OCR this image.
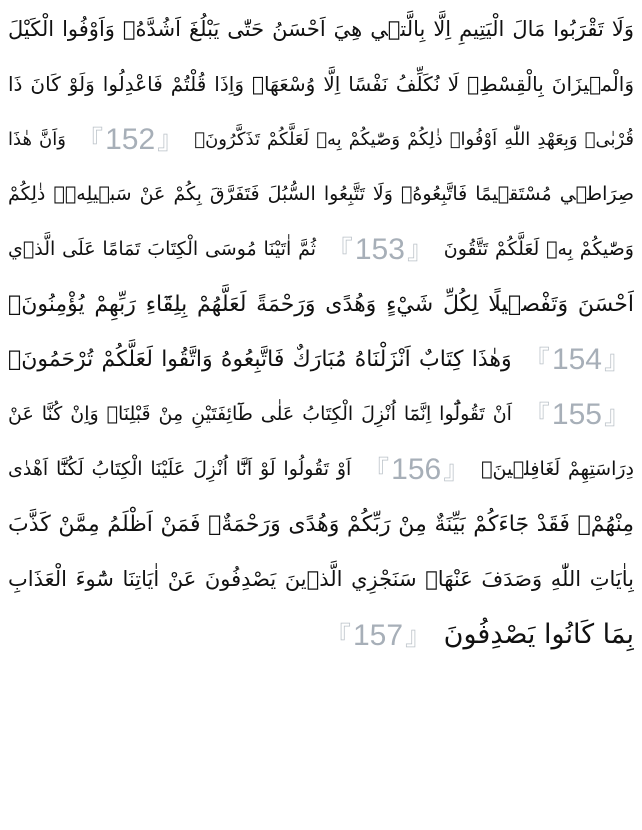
وَلَا تَقْرَبُوا مَالَ الْيَتِيمِ اِلَّا بِالَّت۪ي هِيَ اَحْسَنُ حَتّٰى يَبْلُغَ اَشُدَّهُۚ وَاَوْفُوا الْكَيْلَ
وَالْم۪يزَانَ بِالْقِسْطِۚ لَا نُكَلِّفُ نَفْسًا اِلَّا وُسْعَهَاۚ وَاِذَا قُلْتُمْ فَاعْدِلُوا وَلَوْ كَانَ ذَا
قُرْبٰىۚ وَبِعَهْدِ اللّٰهِ اَوْفُواۜ ذٰلِكُمْ وَصّٰيكُمْ بِه۪ لَعَلَّكُمْ تَذَكَّرُونَۙ 『152』 وَاَنَّ هٰذَا
صِرَاط۪ي مُسْتَق۪يمًا فَاتَّبِعُوهُۚ وَلَا تَتَّبِعُوا السُّبُلَ فَتَفَرَّقَ بِكُمْ عَنْ سَب۪يلِه۪ۜ ذٰلِكُمْ
وَصّٰيكُمْ بِه۪ لَعَلَّكُمْ تَتَّقُونَ 『153』 ثُمَّ اٰتَيْنَا مُوسَى الْكِتَابَ تَمَامًا عَلَى الَّذ۪ي
اَحْسَنَ وَتَفْص۪يلًا لِكُلِّ شَيْءٍ وَهُدًى وَرَحْمَةً لَعَلَّهُمْ بِلِقَٓاءِ رَبِّهِمْ يُؤْمِنُونَ۟
『154』 وَهٰذَا كِتَابٌ اَنْزَلْنَاهُ مُبَارَكٌ فَاتَّبِعُوهُ وَاتَّقُوا لَعَلَّكُمْ تُرْحَمُونَۙ
『155』 اَنْ تَقُولُٓوا اِنَّمَٓا اُنْزِلَ الْكِتَابُ عَلٰى طَٓائِفَتَيْنِ مِنْ قَبْلِنَاۖ وَاِنْ كُنَّا عَنْ
دِرَاسَتِهِمْ لَغَافِل۪ينَۙ 『156』 اَوْ تَقُولُوا لَوْ اَنَّٓا اُنْزِلَ عَلَيْنَا الْكِتَابُ لَكُنَّٓا اَهْدٰى
مِنْهُمْۚ فَقَدْ جَٓاءَكُمْ بَيِّنَةٌ مِنْ رَبِّكُمْ وَهُدًى وَرَحْمَةٌۚ فَمَنْ اَظْلَمُ مِمَّنْ كَذَّبَ
بِاٰيَاتِ اللّٰهِ وَصَدَفَ عَنْهَاۜ سَنَجْزِي الَّذ۪ينَ يَصْدِفُونَ عَنْ اٰيَاتِنَا سُٓوءَ الْعَذَابِ
بِمَا كَانُوا يَصْدِفُونَ 『157』
